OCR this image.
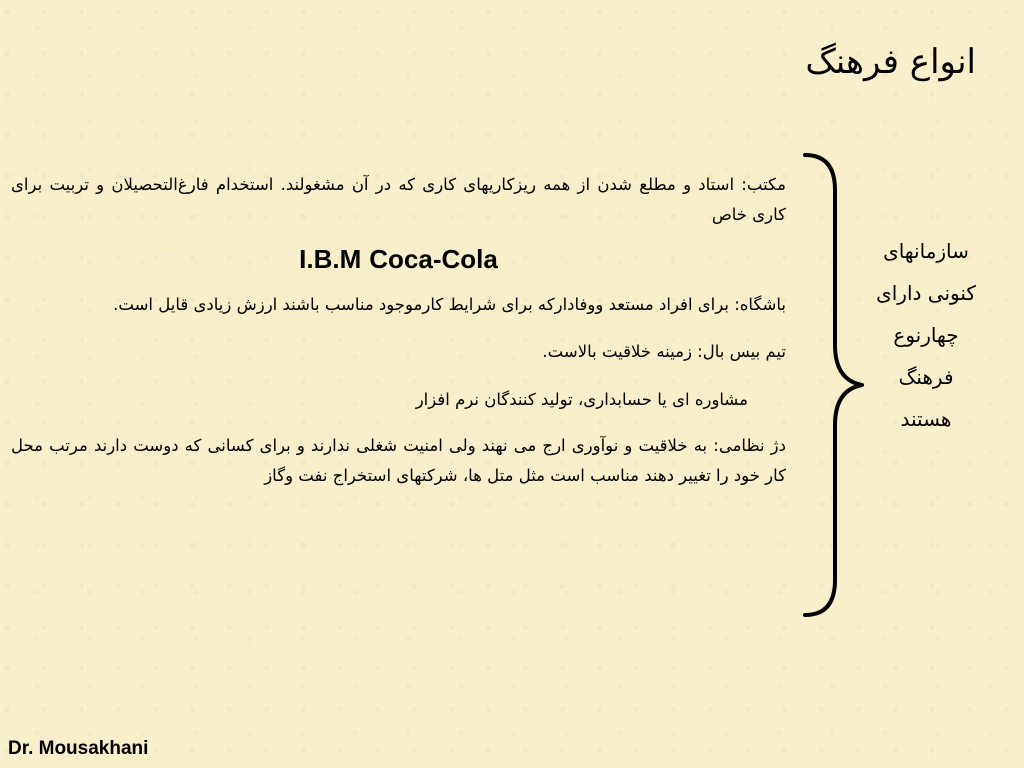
انواع فرهنگ

مکتب: استاد و مطلع شدن از همه ریزکاریهای کاری که در آن مشغولند. استخدام فارغ‌التحصیلان و تربیت برای کاری خاص

I.B.M Coca-Cola

باشگاه: برای افراد مستعد ووفادارکه برای شرایط کارموجود مناسب باشند ارزش زیادی قایل است.

تیم بیس بال: زمینه خلاقیت بالاست.

مشاوره ای یا حسابداری، تولید کنندگان نرم افزار

دژ نظامی: به خلاقیت و نوآوری ارج می نهند ولی امنیت شغلی ندارند و برای کسانی که دوست دارند مرتب محل کار خود را تغییر دهند مناسب است مثل متل ها، شرکتهای استخراج نفت وگاز

سازمانهای
کنونی دارای
چهارنوع
فرهنگ
هستند
Dr. Mousakhani
